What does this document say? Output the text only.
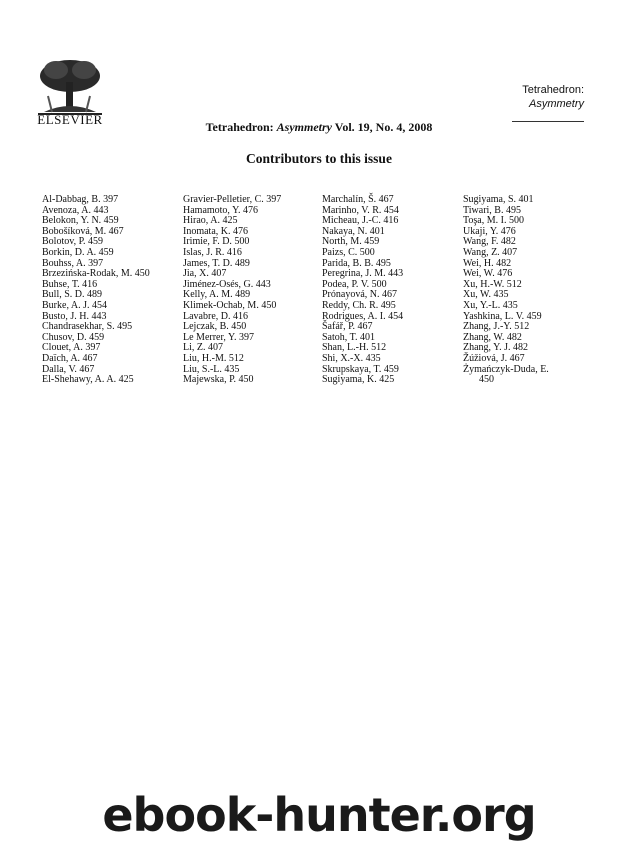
ELSEVIER
Tetrahedron:
Asymmetry
Tetrahedron: Asymmetry Vol. 19, No. 4, 2008
Contributors to this issue
Al-Dabbag, B. 397
Avenoza, A. 443
Belokon, Y. N. 459
Bobošíková, M. 467
Bolotov, P. 459
Borkin, D. A. 459
Bouhss, A. 397
Brzezińska-Rodak, M. 450
Buhse, T. 416
Bull, S. D. 489
Burke, A. J. 454
Busto, J. H. 443
Chandrasekhar, S. 495
Chusov, D. 459
Clouet, A. 397
Daïch, A. 467
Dalla, V. 467
El-Shehawy, A. A. 425
Gravier-Pelletier, C. 397
Hamamoto, Y. 476
Hirao, A. 425
Inomata, K. 476
Irimie, F. D. 500
Islas, J. R. 416
James, T. D. 489
Jia, X. 407
Jiménez-Osés, G. 443
Kelly, A. M. 489
Klimek-Ochab, M. 450
Lavabre, D. 416
Lejczak, B. 450
Le Merrer, Y. 397
Li, Z. 407
Liu, H.-M. 512
Liu, S.-L. 435
Majewska, P. 450
Marchalín, Š. 467
Marinho, V. R. 454
Micheau, J.-C. 416
Nakaya, N. 401
North, M. 459
Paizs, C. 500
Parida, B. B. 495
Peregrina, J. M. 443
Podea, P. V. 500
Prónayová, N. 467
Reddy, Ch. R. 495
Rodrigues, A. I. 454
Šafář, P. 467
Satoh, T. 401
Shan, L.-H. 512
Shi, X.-X. 435
Skrupskaya, T. 459
Sugiyama, K. 425
Sugiyama, S. 401
Tiwari, B. 495
Toşa, M. I. 500
Ukaji, Y. 476
Wang, F. 482
Wang, Z. 407
Wei, H. 482
Wei, W. 476
Xu, H.-W. 512
Xu, W. 435
Xu, Y.-L. 435
Yashkina, L. V. 459
Zhang, J.-Y. 512
Zhang, W. 482
Zhang, Y. J. 482
Žúžiová, J. 467
Żymańczyk-Duda, E.
450
ebook-hunter.org
